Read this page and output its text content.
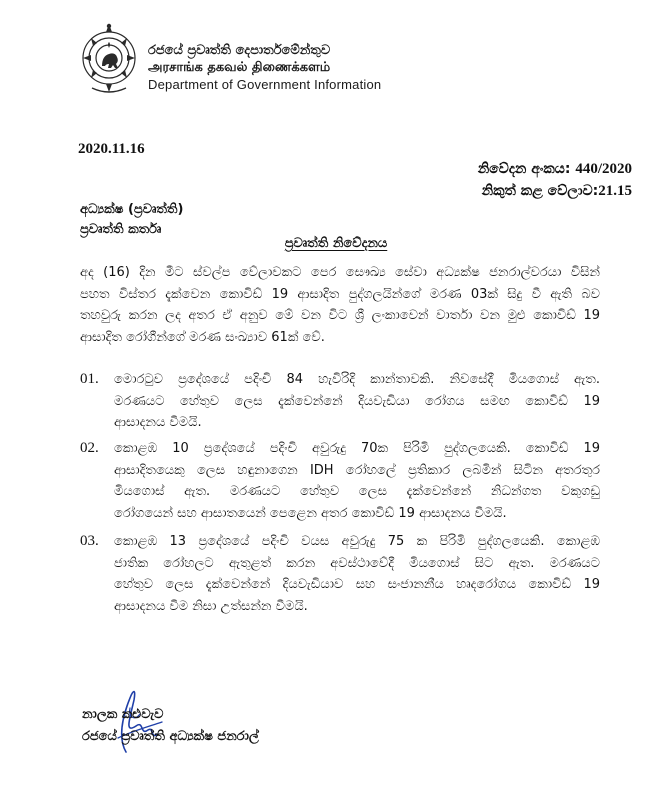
රජයේ ප්‍රවෘත්ති දෙපාර්තමේන්තුව
அரசாங்க தகவல் திணைக்களம்
Department of Government Information
2020.11.16
නිවේදන අංකය: 440/2020
නිකුත් කළ වේලාව:21.15
අධ්‍යක්ෂ (ප්‍රවෘත්ති)
ප්‍රවෘත්ති කර්තෘ
ප්‍රවෘත්ති නිවේදනය
අද (16) දින මීට ස්වල්ප වේලාවකට පෙර සෞඛ්‍ය සේවා අධ්‍යක්ෂ ජනරාල්වරයා විසින්
පහත විස්තර දැක්වෙන කොවිඩ් 19 ආසාදිත පුද්ගලයින්ගේ මරණ 03ක් සිදු වී ඇති බව
තහවුරු කරන ලද අතර ඒ අනුව මේ වන විට ශ්‍රී ලංකාවෙන් වාර්තා වන මුළු කොවිඩ් 19
ආසාදිත රෝගීන්ගේ මරණ සංඛ්‍යාව 61ක් වේ.
01. මොරටුව ප්‍රදේශයේ පදිංචි 84 හැවිරිදි කාන්තාවකි. නිවසේදී මියගොස් ඇත.
මරණයට හේතුව ලෙස දැක්වෙන්නේ දියවැඩියා රෝගය සමඟ කොවිඩ් 19
ආසාදනය වීමයි.
02. කොළඹ 10 ප්‍රදේශයේ පදිංචි අවුරුදු 70ක පිරිමි පුද්ගලයෙකි. කොවිඩ් 19
ආසාදිතයෙකු ලෙස හඳුනාගෙන IDH රෝහලේ ප්‍රතිකාර ලබමින් සිටින අතරතුර
මියගොස් ඇත. මරණයට හේතුව ලෙස දැක්වෙන්නේ නිධන්ගත වකුගඩු
රෝගයෙන් සහ ආසාතයෙන් පෙළෙන අතර කොවිඩ් 19 ආසාදනය වීමයි.
03. කොළඹ 13 ප්‍රදේශයේ පදිංචි වයස අවුරුදු 75 ක පිරිමි පුද්ගලයෙකි. කොළඹ
ජාතික රෝහලට ඇතුළත් කරන අවස්ථාවේදී මියගොස් සිට ඇත. මරණයට
හේතුව ලෙස දැක්වෙන්නේ දියවැඩියාව සහ සංජානනීය හෘදරෝගය කොවිඩ් 19
ආසාදනය වීම නිසා උත්සන්න වීමයි.
නාලක කළුවැව
රජයේ ප්‍රවෘත්ති අධ්‍යක්ෂ ජනරාල්
